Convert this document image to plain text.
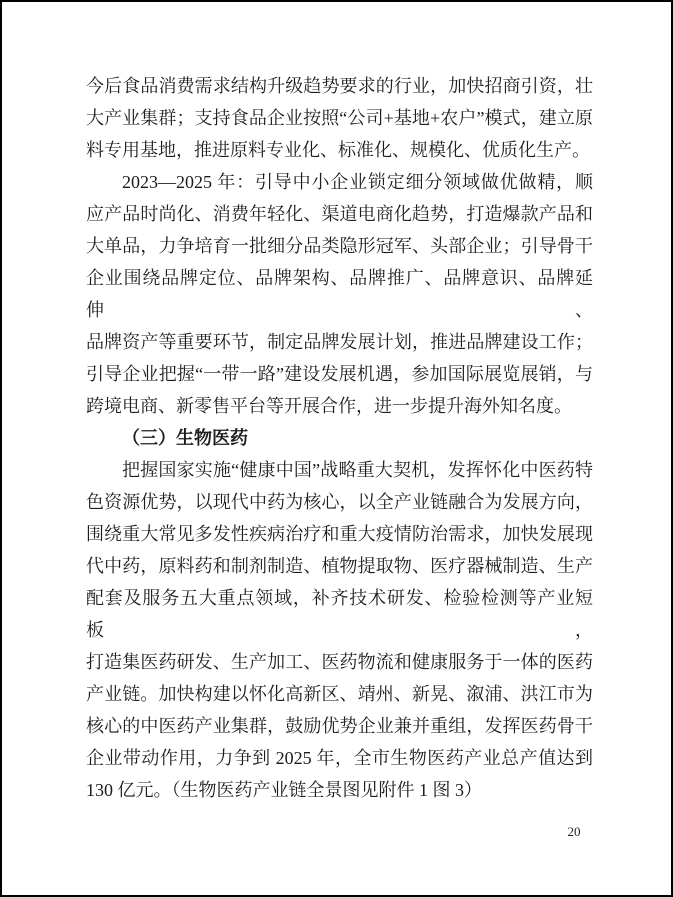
今后食品消费需求结构升级趋势要求的行业，加快招商引资，壮
大产业集群；支持食品企业按照“公司+基地+农户”模式，建立原
料专用基地，推进原料专业化、标准化、规模化、优质化生产。
2023—2025 年：引导中小企业锁定细分领域做优做精，顺
应产品时尚化、消费年轻化、渠道电商化趋势，打造爆款产品和
大单品，力争培育一批细分品类隐形冠军、头部企业；引导骨干
企业围绕品牌定位、品牌架构、品牌推广、品牌意识、品牌延伸、
品牌资产等重要环节，制定品牌发展计划，推进品牌建设工作；
引导企业把握“一带一路”建设发展机遇，参加国际展览展销，与
跨境电商、新零售平台等开展合作，进一步提升海外知名度。
（三）生物医药
把握国家实施“健康中国”战略重大契机，发挥怀化中医药特
色资源优势，以现代中药为核心，以全产业链融合为发展方向，
围绕重大常见多发性疾病治疗和重大疫情防治需求，加快发展现
代中药，原料药和制剂制造、植物提取物、医疗器械制造、生产
配套及服务五大重点领域，补齐技术研发、检验检测等产业短板，
打造集医药研发、生产加工、医药物流和健康服务于一体的医药
产业链。加快构建以怀化高新区、靖州、新晃、溆浦、洪江市为
核心的中医药产业集群，鼓励优势企业兼并重组，发挥医药骨干
企业带动作用，力争到 2025 年，全市生物医药产业总产值达到
130 亿元。（生物医药产业链全景图见附件 1 图 3）
20
